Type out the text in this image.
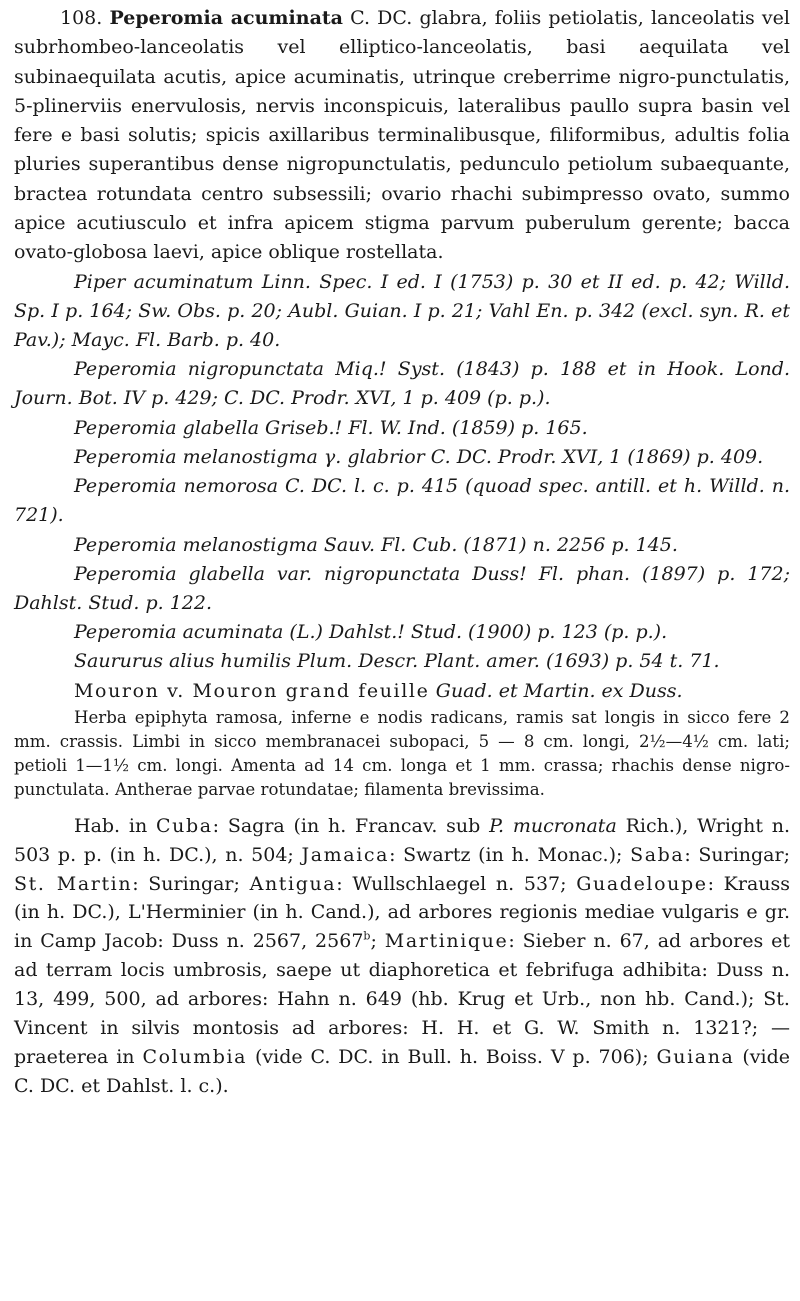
108. Peperomia acuminata C. DC. glabra, foliis petiolatis, lanceolatis vel subrhombeo-lanceolatis vel elliptico-lanceolatis, basi aequilata vel subinaequilata acutis, apice acuminatis, utrinque creberrime nigro-punctulatis, 5-plinerviis enervulosis, nervis inconspicuis, lateralibus paullo supra basin vel fere e basi solutis; spicis axillaribus terminalibusque, filiformibus, adultis folia pluries superantibus dense nigropunctulatis, pedunculo petiolum subaequante, bractea rotundata centro subsessili; ovario rhachi subimpresso ovato, summo apice acutiusculo et infra apicem stigma parvum puberulum gerente; bacca ovato-globosa laevi, apice oblique rostellata.

Piper acuminatum Linn. Spec. I ed. I (1753) p. 30 et II ed. p. 42; Willd. Sp. I p. 164; Sw. Obs. p. 20; Aubl. Guian. I p. 21; Vahl En. p. 342 (excl. syn. R. et Pav.); Mayc. Fl. Barb. p. 40.

Peperomia nigropunctata Miq.! Syst. (1843) p. 188 et in Hook. Lond. Journ. Bot. IV p. 429; C. DC. Prodr. XVI, 1 p. 409 (p. p.).

Peperomia glabella Griseb.! Fl. W. Ind. (1859) p. 165.

Peperomia melanostigma γ. glabrior C. DC. Prodr. XVI, 1 (1869) p. 409.

Peperomia nemorosa C. DC. l. c. p. 415 (quoad spec. antill. et h. Willd. n. 721).

Peperomia melanostigma Sauv. Fl. Cub. (1871) n. 2256 p. 145.

Peperomia glabella var. nigropunctata Duss! Fl. phan. (1897) p. 172; Dahlst. Stud. p. 122.

Peperomia acuminata (L.) Dahlst.! Stud. (1900) p. 123 (p. p.).

Saururus alius humilis Plum. Descr. Plant. amer. (1693) p. 54 t. 71.

Mouron v. Mouron grand feuille Guad. et Martin. ex Duss.

Herba epiphyta ramosa, inferne e nodis radicans, ramis sat longis in sicco fere 2 mm. crassis. Limbi in sicco membranacei subopaci, 5 — 8 cm. longi, 2½—4½ cm. lati; petioli 1—1½ cm. longi. Amenta ad 14 cm. longa et 1 mm. crassa; rhachis dense nigro-punctulata. Antherae parvae rotundatae; filamenta brevissima.

Hab. in Cuba: Sagra (in h. Francav. sub P. mucronata Rich.), Wright n. 503 p. p. (in h. DC.), n. 504; Jamaica: Swartz (in h. Monac.); Saba: Suringar; St. Martin: Suringar; Antigua: Wullschlaegel n. 537; Guadeloupe: Krauss (in h. DC.), L'Herminier (in h. Cand.), ad arbores regionis mediae vulgaris e gr. in Camp Jacob: Duss n. 2567, 2567$^b$; Martinique: Sieber n. 67, ad arbores et ad terram locis umbrosis, saepe ut diaphoretica et febrifuga adhibita: Duss n. 13, 499, 500, ad arbores: Hahn n. 649 (hb. Krug et Urb., non hb. Cand.); St. Vincent in silvis montosis ad arbores: H. H. et G. W. Smith n. 1321?; — praeterea in Columbia (vide C. DC. in Bull. h. Boiss. V p. 706); Guiana (vide C. DC. et Dahlst. l. c.).
